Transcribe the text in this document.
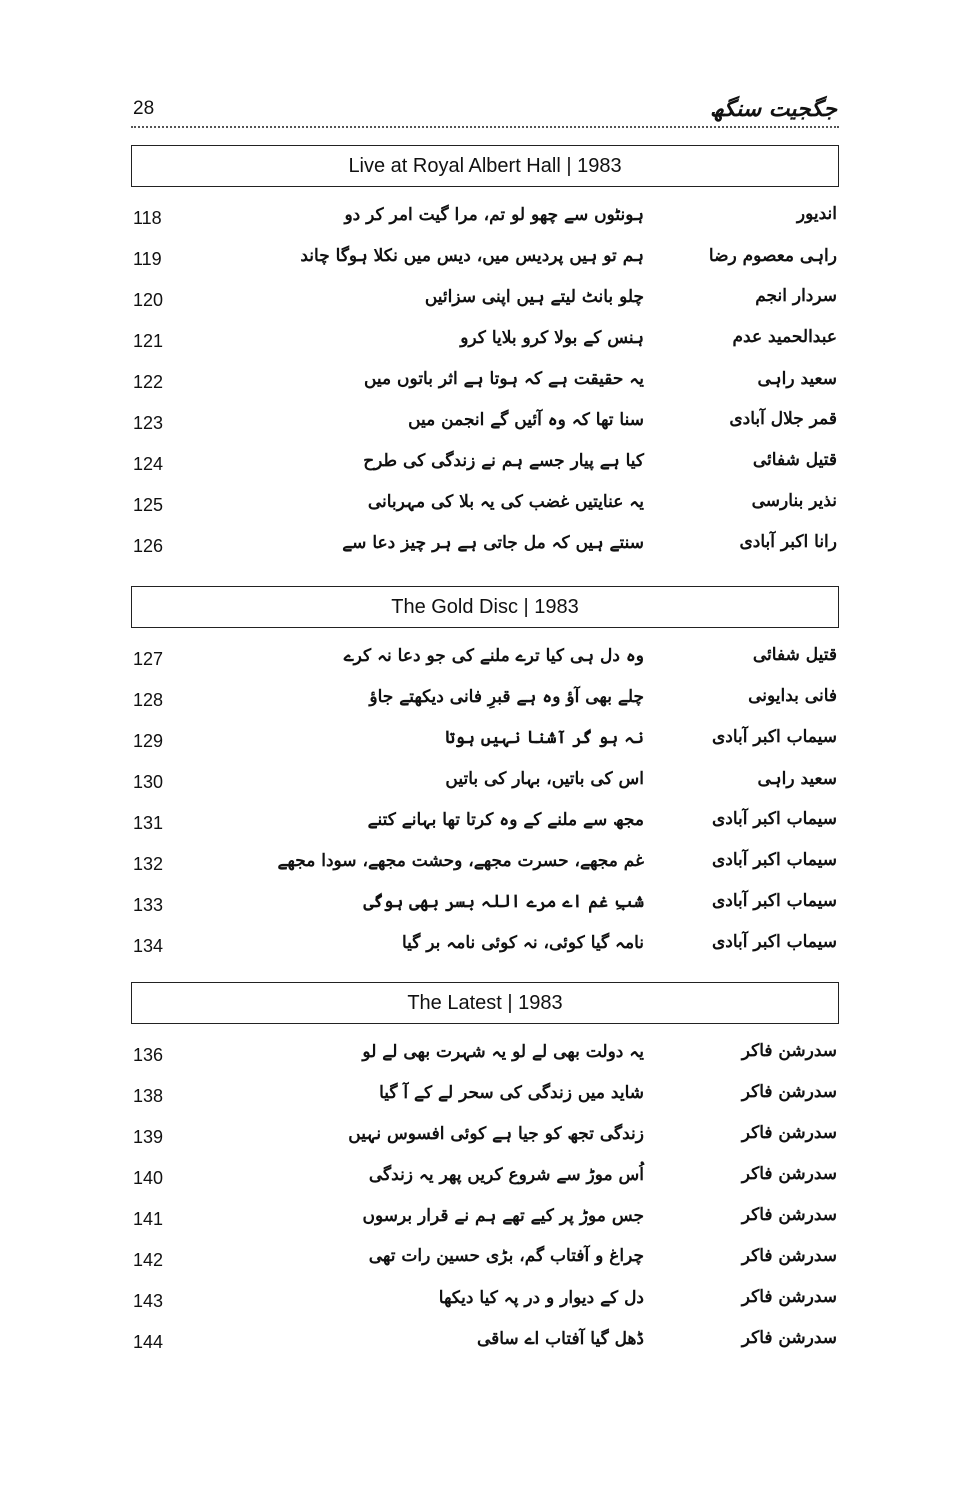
28	جگجیت سنگھ
Live at Royal Albert Hall | 1983
118	ہونٹوں سے چھو لو تم، مرا گیت امر کر دو	اندیور
119	ہم تو ہیں پردیس میں، دیس میں نکلا ہوگا چاند	راہی معصوم رضا
120	چلو بانٹ لیتے ہیں اپنی سزائیں	سردار انجم
121	ہنس کے بولا کرو بلایا کرو	عبدالحمید عدم
122	یہ حقیقت ہے کہ ہوتا ہے اثر باتوں میں	سعید راہی
123	سنا تھا کہ وہ آئیں گے انجمن میں	قمر جلال آبادی
124	کیا ہے پیار جسے ہم نے زندگی کی طرح	قتیل شفائی
125	یہ عنایتیں غضب کی یہ بلا کی مہربانی	نذیر بنارسی
126	سنتے ہیں کہ مل جاتی ہے ہر چیز دعا سے	رانا اکبر آبادی
The Gold Disc | 1983
127	وہ دل ہی کیا ترے ملنے کی جو دعا نہ کرے	قتیل شفائی
128	چلے بھی آؤ وہ ہے قبرِ فانی دیکھتے جاؤ	فانی بدایونی
129	نہ ہو گر آشنا نہیں ہوتا	سیماب اکبر آبادی
130	اس کی باتیں، بہار کی باتیں	سعید راہی
131	مجھ سے ملنے کے وہ کرتا تھا بہانے کتنے	سیماب اکبر آبادی
132	غم مجھے، حسرت مجھے، وحشت مجھے، سودا مجھے	سیماب اکبر آبادی
133	شبِ غم اے مرے اللہ بسر بھی ہوگی	سیماب اکبر آبادی
134	نامہ گیا کوئی، نہ کوئی نامہ بر گیا	سیماب اکبر آبادی
The Latest | 1983
136	یہ دولت بھی لے لو یہ شہرت بھی لے لو	سدرشن فاکر
138	شاید میں زندگی کی سحر لے کے آ گیا	سدرشن فاکر
139	زندگی تجھ کو جیا ہے کوئی افسوس نہیں	سدرشن فاکر
140	اُس موڑ سے شروع کریں پھر یہ زندگی	سدرشن فاکر
141	جس موڑ پر کیے تھے ہم نے قرار برسوں	سدرشن فاکر
142	چراغ و آفتاب گم، بڑی حسین رات تھی	سدرشن فاکر
143	دل کے دیوار و در پہ کیا دیکھا	سدرشن فاکر
144	ڈھل گیا آفتاب اے ساقی	سدرشن فاکر
